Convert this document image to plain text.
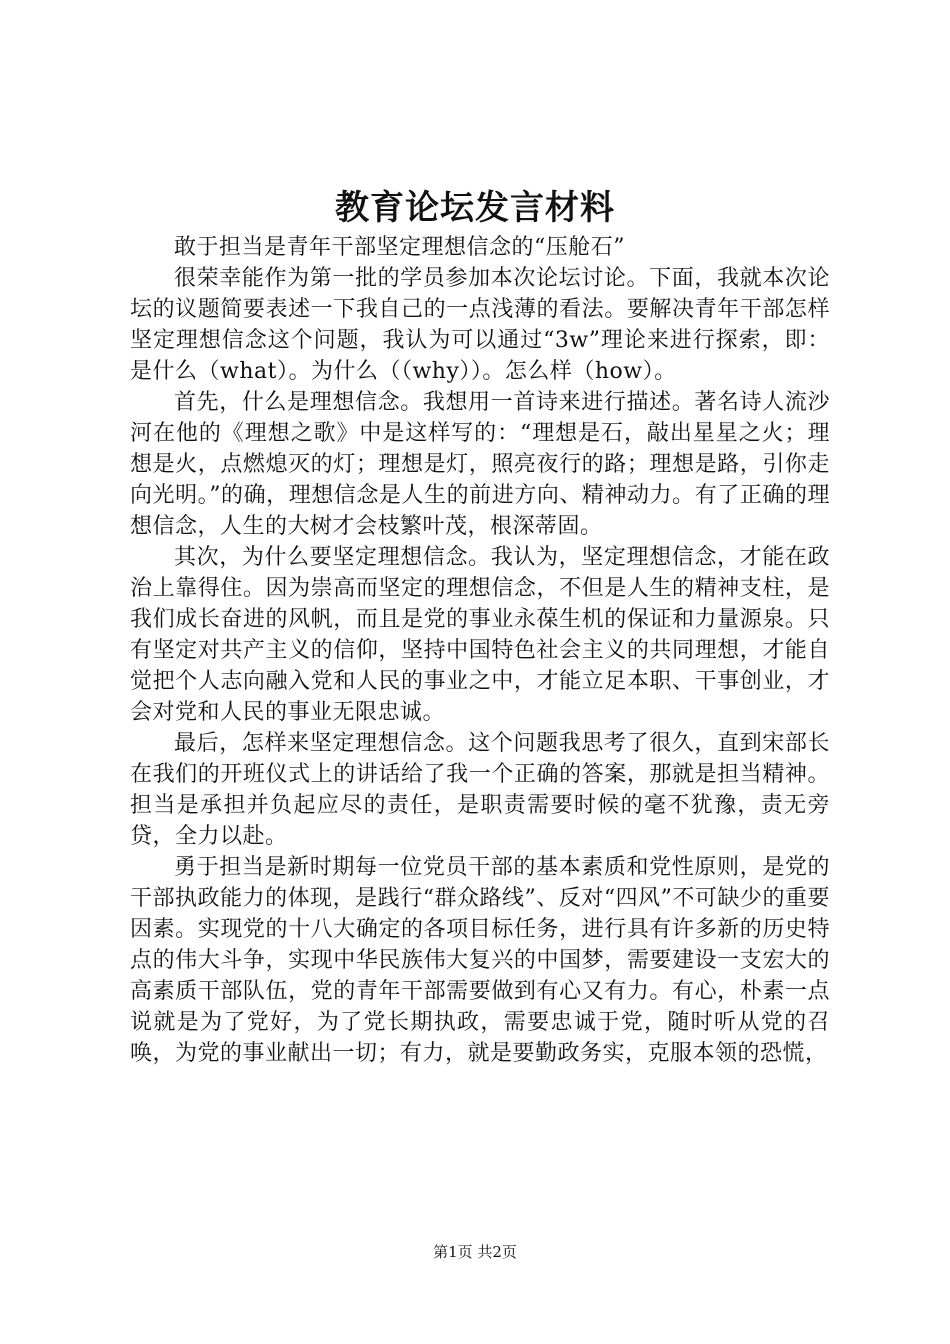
教育论坛发言材料

敢于担当是青年干部坚定理想信念的“压舱石”

很荣幸能作为第一批的学员参加本次论坛讨论。下面，我就本次论坛的议题简要表述一下我自己的一点浅薄的看法。要解决青年干部怎样坚定理想信念这个问题，我认为可以通过“3w”理论来进行探索，即：是什么（what）。为什么（（why））。怎么样（how）。

首先，什么是理想信念。我想用一首诗来进行描述。著名诗人流沙河在他的《理想之歌》中是这样写的：“理想是石，敲出星星之火；理想是火，点燃熄灭的灯；理想是灯，照亮夜行的路；理想是路，引你走向光明。”的确，理想信念是人生的前进方向、精神动力。有了正确的理想信念，人生的大树才会枝繁叶茂，根深蒂固。

其次，为什么要坚定理想信念。我认为，坚定理想信念，才能在政治上靠得住。因为崇高而坚定的理想信念，不但是人生的精神支柱，是我们成长奋进的风帆，而且是党的事业永葆生机的保证和力量源泉。只有坚定对共产主义的信仰，坚持中国特色社会主义的共同理想，才能自觉把个人志向融入党和人民的事业之中，才能立足本职、干事创业，才会对党和人民的事业无限忠诚。

最后，怎样来坚定理想信念。这个问题我思考了很久，直到宋部长在我们的开班仪式上的讲话给了我一个正确的答案，那就是担当精神。担当是承担并负起应尽的责任，是职责需要时候的毫不犹豫，责无旁贷，全力以赴。

勇于担当是新时期每一位党员干部的基本素质和党性原则，是党的干部执政能力的体现，是践行“群众路线”、反对“四风”不可缺少的重要因素。实现党的十八大确定的各项目标任务，进行具有许多新的历史特点的伟大斗争，实现中华民族伟大复兴的中国梦，需要建设一支宏大的高素质干部队伍，党的青年干部需要做到有心又有力。有心，朴素一点说就是为了党好，为了党长期执政，需要忠诚于党，随时听从党的召唤，为党的事业献出一切；有力，就是要勤政务实，克服本领的恐慌，

第1页 共2页
